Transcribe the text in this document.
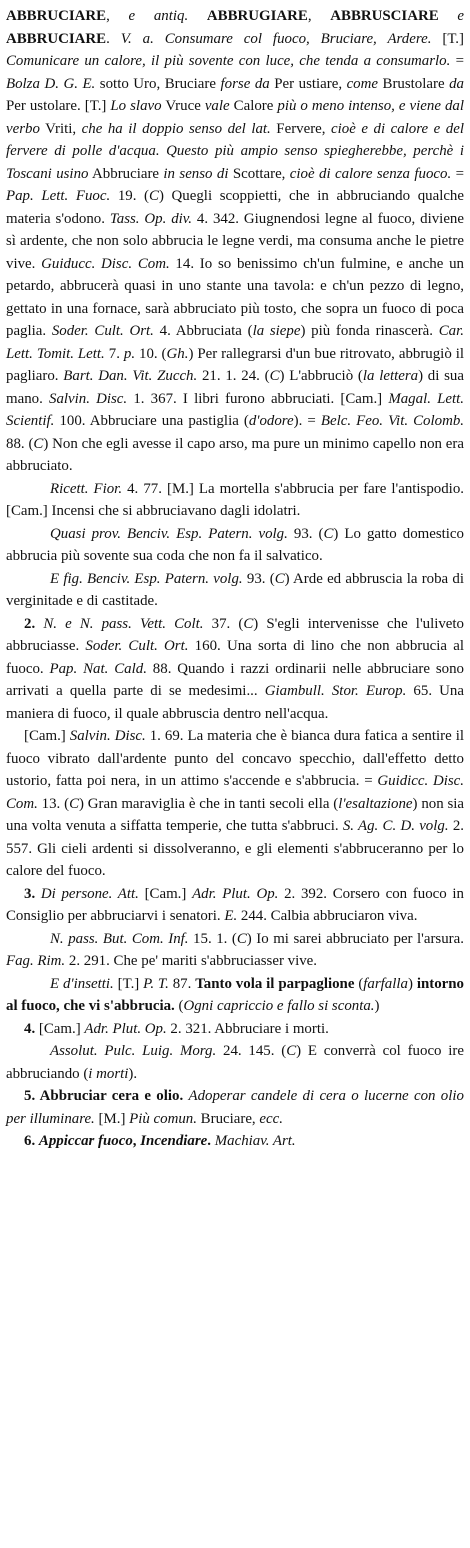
ABBRUCIARE, e antiq. ABBRUGIARE, ABBRUSCIARE e ABBRUCIARE. V. a. Consumare col fuoco, Bruciare, Ardere. [T.] Comunicare un calore, il più sovente con luce, che tenda a consumarlo. = Bolza D. G. E. sotto Uro, Bruciare forse da Per ustiare, come Brustolare da Per ustolare. [T.] Lo slavo Vruce vale Calore più o meno intenso, e viene dal verbo Vriti, che ha il doppio senso del lat. Fervere, cioè e di calore e del fervere di polle d'acqua. Questo più ampio senso spiegherebbe, perchè i Toscani usino Abbruciare in senso di Scottare, cioè di calore senza fuoco. = Pap. Lett. Fuoc. 19. (C) Quegli scoppietti, che in abbruciando qualche materia s'odono. Tass. Op. div. 4. 342. Giugnendosi legne al fuoco, diviene sì ardente, che non solo abbrucia le legne verdi, ma consuma anche le pietre vive. Guiducc. Disc. Com. 14. Io so benissimo ch'un fulmine, e anche un petardo, abbrucerà quasi in uno stante una tavola: e ch'un pezzo di legno, gettato in una fornace, sarà abbruciato più tosto, che sopra un fuoco di poca paglia. Soder. Cult. Ort. 4. Abbruciata (la siepe) più fonda rinascerà. Car. Lett. Tomit. Lett. 7. p. 10. (Gh.) Per rallegrarsi d'un bue ritrovato, abbrugiò il pagliaro. Bart. Dan. Vit. Zucch. 21. 1. 24. (C) L'abbruciò (la lettera) di sua mano. Salvin. Disc. 1. 367. I libri furono abbruciati. [Cam.] Magal. Lett. Scientif. 100. Abbruciare una pastiglia (d'odore). = Belc. Feo. Vit. Colomb. 88. (C) Non che egli avesse il capo arso, ma pure un minimo capello non era abbruciato.

Ricett. Fior. 4. 77. [M.] La mortella s'abbrucia per fare l'antispodio. [Cam.] Incensi che si abbruciavano dagli idolatri.

Quasi prov. Benciv. Esp. Patern. volg. 93. (C) Lo gatto domestico abbrucia più sovente sua coda che non fa il salvatico.

E fig. Benciv. Esp. Patern. volg. 93. (C) Arde ed abbruscia la roba di verginitade e di castitade.

2. N. e N. pass. Vett. Colt. 37. (C) S'egli intervenisse che l'uliveto abbruciasse. Soder. Cult. Ort. 160. Una sorta di lino che non abbrucia al fuoco. Pap. Nat. Cald. 88. Quando i razzi ordinarii nelle abbruciare sono arrivati a quella parte di se medesimi... Giambull. Stor. Europ. 65. Una maniera di fuoco, il quale abbruscia dentro nell'acqua.

[Cam.] Salvin. Disc. 1. 69. La materia che è bianca dura fatica a sentire il fuoco vibrato dall'ardente punto del concavo specchio, dall'effetto detto ustorio, fatta poi nera, in un attimo s'accende e s'abbrucia. = Guidicc. Disc. Com. 13. (C) Gran maraviglia è che in tanti secoli ella (l'esaltazione) non sia una volta venuta a siffatta temperie, che tutta s'abbruci. S. Ag. C. D. volg. 2. 557. Gli cieli ardenti si dissolveranno, e gli elementi s'abbruceranno per lo calore del fuoco.

3. Di persone. Att. [Cam.] Adr. Plut. Op. 2. 392. Corsero con fuoco in Consiglio per abbruciarvi i senatori. E. 244. Calbia abbruciaron viva.

N. pass. But. Com. Inf. 15. 1. (C) Io mi sarei abbruciato per l'arsura. Fag. Rim. 2. 291. Che pe' mariti s'abbruciasser vive.

E d'insetti. [T.] P. T. 87. Tanto vola il parpaglione (farfalla) intorno al fuoco, che vi s'abbrucia. (Ogni capriccio e fallo si sconta.)

4. [Cam.] Adr. Plut. Op. 2. 321. Abbruciare i morti.

Assolut. Pulc. Luig. Morg. 24. 145. (C) E converrà col fuoco ire abbruciando (i morti).

5. Abbruciar cera e olio. Adoperar candele di cera o lucerne con olio per illuminare. [M.] Più comun. Bruciare, ecc.

6. Appiccar fuoco, Incendiare. Machiav. Art.
